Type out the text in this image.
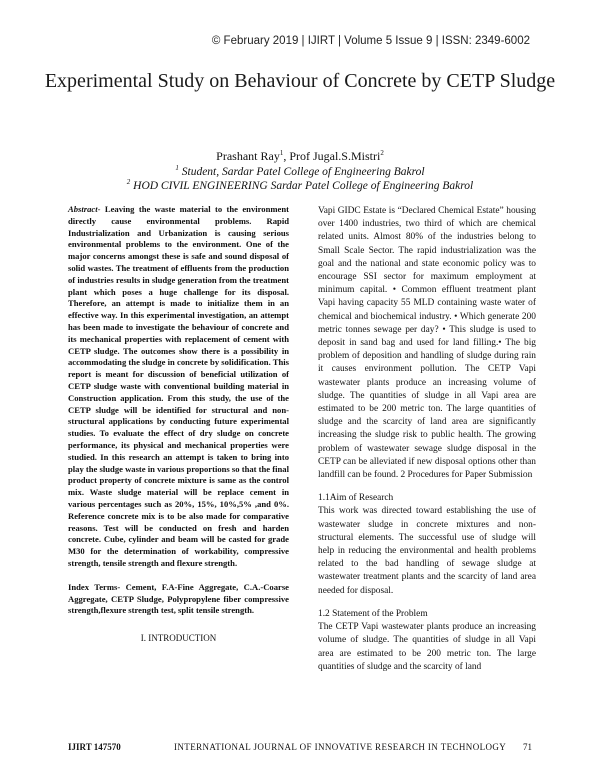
© February 2019 | IJIRT | Volume 5 Issue 9 | ISSN: 2349-6002
Experimental Study on Behaviour of Concrete by CETP Sludge
Prashant Ray$^1$, Prof Jugal.S.Mistri$^2$
$^1$ Student, Sardar Patel College of Engineering Bakrol
$^2$ HOD CIVIL ENGINEERING Sardar Patel College of Engineering Bakrol

Abstract- Leaving the waste material to the environment directly cause environmental problems. Rapid Industrialization and Urbanization is causing serious environmental problems to the environment. One of the major concerns amongst these is safe and sound disposal of solid wastes. The treatment of effluents from the production of industries results in sludge generation from the treatment plant which poses a huge challenge for its disposal. Therefore, an attempt is made to initialize them in an effective way. In this experimental investigation, an attempt has been made to investigate the behaviour of concrete and its mechanical properties with replacement of cement with CETP sludge. The outcomes show there is a possibility in accommodating the sludge in concrete by solidification. This report is meant for discussion of beneficial utilization of CETP sludge waste with conventional building material in Construction application. From this study, the use of the CETP sludge will be identified for structural and non-structural applications by conducting future experimental studies. To evaluate the effect of dry sludge on concrete performance, its physical and mechanical properties were studied. In this research an attempt is taken to bring into play the sludge waste in various proportions so that the final product property of concrete mixture is same as the control mix. Waste sludge material will be replace cement in various percentages such as 20%, 15%, 10%,5% ,and 0%. Reference concrete mix is to be also made for comparative reasons. Test will be conducted on fresh and harden concrete. Cube, cylinder and beam will be casted for grade M30 for the determination of workability, compressive strength, tensile strength and flexure strength.

Index Terms- Cement, F.A-Fine Aggregate, C.A.-Coarse Aggregate, CETP Sludge, Polypropylene fiber compressive strength,flexure strength test, split tensile strength.

I. INTRODUCTION

Vapi GIDC Estate is “Declared Chemical Estate” housing over 1400 industries, two third of which are chemical related units. Almost 80% of the industries belong to Small Scale Sector. The rapid industrialization was the goal and the national and state economic policy was to encourage SSI sector for maximum employment at minimum capital. • Common effluent treatment plant Vapi having capacity 55 MLD containing waste water of chemical and biochemical industry. • Which generate 200 metric tonnes sewage per day? • This sludge is used to deposit in sand bag and used for land filling.• The big problem of deposition and handling of sludge during rain it causes environment pollution. The CETP Vapi wastewater plants produce an increasing volume of sludge. The quantities of sludge in all Vapi area are estimated to be 200 metric ton. The large quantities of sludge and the scarcity of land area are significantly increasing the sludge risk to public health. The growing problem of wastewater sewage sludge disposal in the CETP can be alleviated if new disposal options other than landfill can be found. 2 Procedures for Paper Submission

1.1Aim of Research

This work was directed toward establishing the use of wastewater sludge in concrete mixtures and non-structural elements. The successful use of sludge will help in reducing the environmental and health problems related to the bad handling of sewage sludge at wastewater treatment plants and the scarcity of land area needed for disposal.

1.2 Statement of the Problem

The CETP Vapi wastewater plants produce an increasing volume of sludge. The quantities of sludge in all Vapi area are estimated to be 200 metric ton. The large quantities of sludge and the scarcity of land

IJIRT 147570	INTERNATIONAL JOURNAL OF INNOVATIVE RESEARCH IN TECHNOLOGY 71
